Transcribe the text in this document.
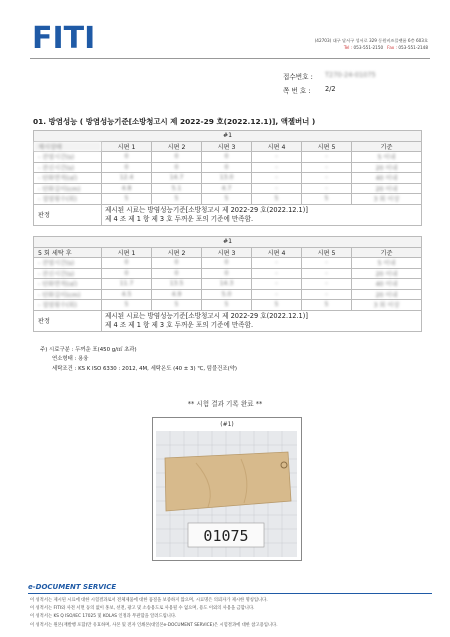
FITI	(42703) 대구 달서구 성서로 329 동원비즈플랫폼 6층 603호
Tel : 053-551-2150 Fax : 053-551-2148
접수번호 : T270-24-01075
쪽 번 호 : 2/2
01. 방염성능 ( 방염성능기준[소방청고시 제 2022-29 호(2022.12.1)], 액젤버너 )
#1						
제시상태	시편 1	시편 2	시편 3	시편 4	시편 5	기준
- 잔염시간(s)	0	0	0	-	-	5 이내
- 잔신시간(s)	0	0	0	-	-	20 이내
- 탄화면적(㎠)	12.4	14.7	13.0	-	-	40 이내
- 탄화길이(cm)	4.8	5.1	4.7	-	-	20 이내
- 접염횟수(회)	5	5	5	5	5	3 회 이상
판정	제시된 시료는 방염성능기준[소방청고시 제 2022-29 호(2022.12.1)]
제 4 조 제 1 항 제 3 호 두꺼운 포의 기준에 만족함.					
#1						
5 회 세탁 후	시편 1	시편 2	시편 3	시편 4	시편 5	기준
- 잔염시간(s)	0	0	0	-	-	5 이내
- 잔신시간(s)	0	0	0	-	-	20 이내
- 탄화면적(㎠)	11.7	13.5	14.3	-	-	40 이내
- 탄화길이(cm)	4.5	4.9	5.0	-	-	20 이내
- 접염횟수(회)	5	5	5	5	5	3 회 이상
판정	제시된 시료는 방염성능기준[소방청고시 제 2022-29 호(2022.12.1)]
제 4 조 제 1 항 제 3 호 두꺼운 포의 기준에 만족함.					
주) 시료구분 : 두꺼운 포(450 g/㎡ 초과)
연소형태 : 용융
세탁조건 : KS K ISO 6330 : 2012, 4M, 세탁온도 (40 ± 3) ℃, 텀블건조(약)
** 시험 결과 기록 완료 **
(#1)
01075
e-DOCUMENT SERVICE
이 성적서는 제시된 시료에 대한 시험결과로서 전체제품에 대한 품질을 보증하지 않으며, 시료명은 의뢰자가 제시한 명칭입니다.
이 성적서는 FITI와 사전 서면 동의 없이 홍보, 선전, 광고 및 소송용도로 사용될 수 없으며, 용도 이외의 사용을 금합니다.
이 성적서는 KS Q ISO/IEC 17025 및 KOLAS 인정과 무관함을 알려드립니다.
이 성적서는 원본(재발행 포함)만 유효하며, 사본 및 전자 인쇄본(대일본e-DOCUMENT SERVICE)은 시험결과에 대한 참고용입니다.
